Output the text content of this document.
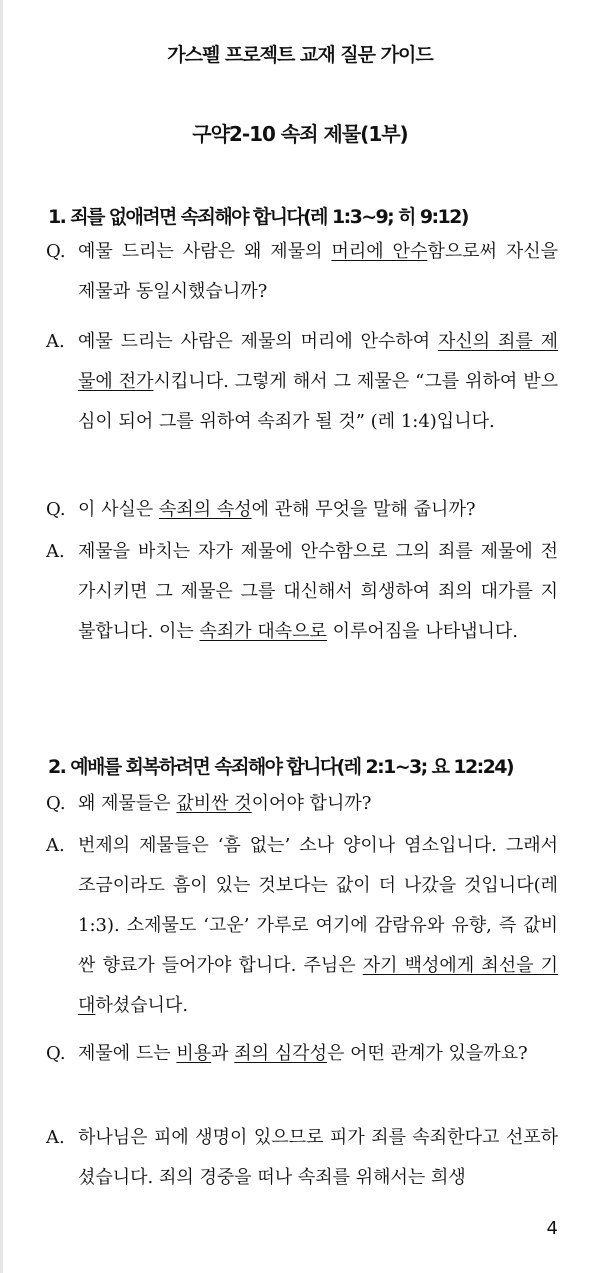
가스펠 프로젝트 교재 질문 가이드
구약2-10 속죄 제물(1부)
1. 죄를 없애려면 속죄해야 합니다(레 1:3~9; 히 9:12)
Q. 예물 드리는 사람은 왜 제물의 머리에 안수함으로써 자신을 제물과 동일시했습니까?
A. 예물 드리는 사람은 제물의 머리에 안수하여 자신의 죄를 제물에 전가시킵니다. 그렇게 해서 그 제물은 “그를 위하여 받으심이 되어 그를 위하여 속죄가 될 것” (레 1:4)입니다.
Q. 이 사실은 속죄의 속성에 관해 무엇을 말해 줍니까?
A. 제물을 바치는 자가 제물에 안수함으로 그의 죄를 제물에 전가시키면 그 제물은 그를 대신해서 희생하여 죄의 대가를 지불합니다. 이는 속죄가 대속으로 이루어짐을 나타냅니다.
2. 예배를 회복하려면 속죄해야 합니다(레 2:1~3; 요 12:24)
Q. 왜 제물들은 값비싼 것이어야 합니까?
A. 번제의 제물들은 ‘흠 없는’ 소나 양이나 염소입니다. 그래서 조금이라도 흠이 있는 것보다는 값이 더 나갔을 것입니다(레 1:3). 소제물도 ‘고운’ 가루로 여기에 감람유와 유향, 즉 값비싼 향료가 들어가야 합니다. 주님은 자기 백성에게 최선을 기대하셨습니다.
Q. 제물에 드는 비용과 죄의 심각성은 어떤 관계가 있을까요?
A. 하나님은 피에 생명이 있으므로 피가 죄를 속죄한다고 선포하셨습니다. 죄의 경중을 떠나 속죄를 위해서는 희생
4
